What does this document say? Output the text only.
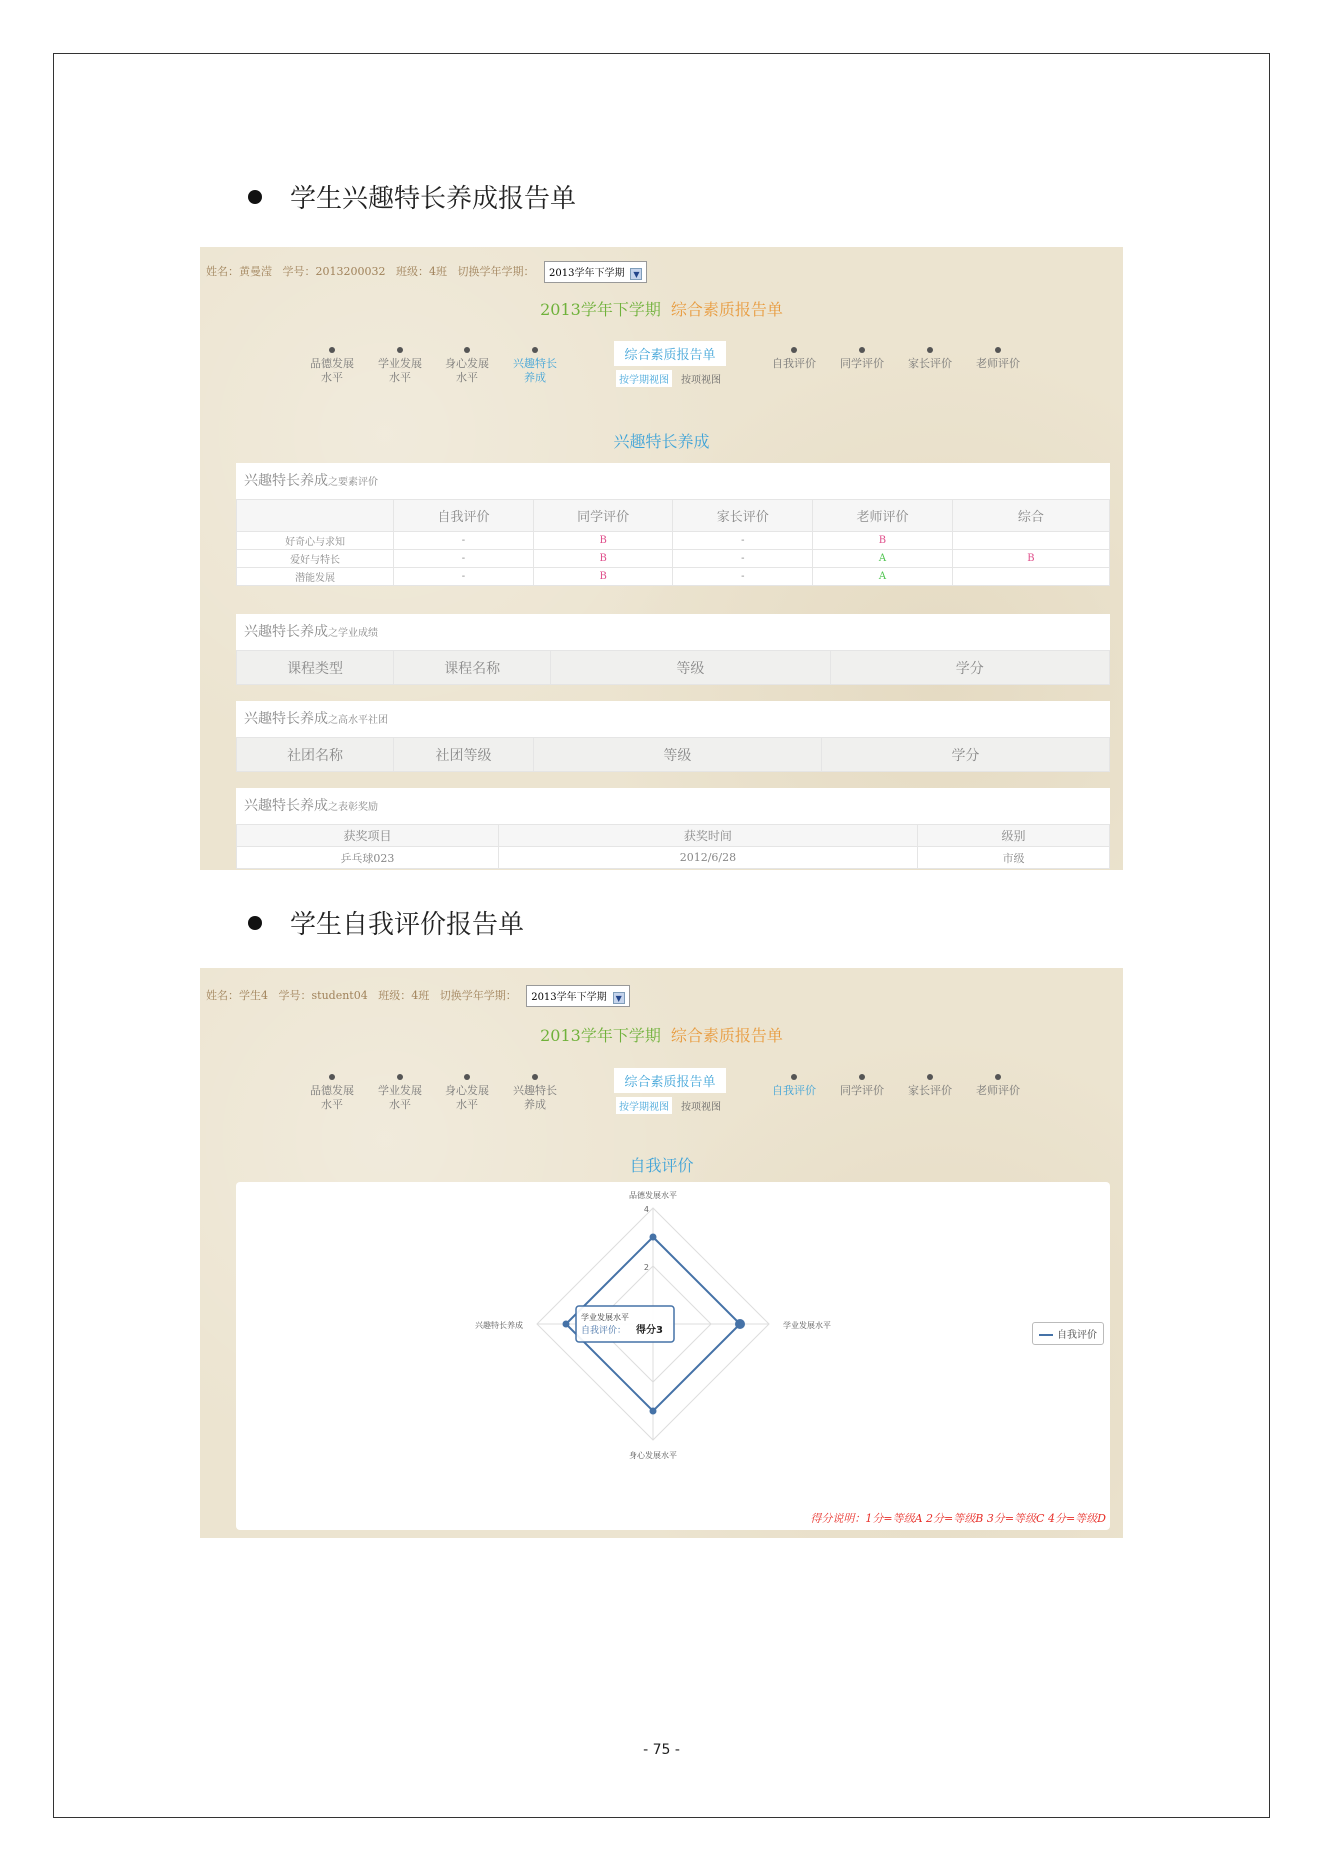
学生兴趣特长养成报告单
姓名：黄曼滢 学号：2013200032 班级：4班 切换学年学期： 2013学年下学期 ▼
2013学年下学期 综合素质报告单
品德发展
水平
学业发展
水平
身心发展
水平
兴趣特长
养成
综合素质报告单
按学期视图 按项视图
自我评价 同学评价 家长评价 老师评价
兴趣特长养成
兴趣特长养成之要素评价
	自我评价	同学评价	家长评价	老师评价	综合
好奇心与求知	-	B	-	B	
爱好与特长	-	B	-	A	B
潜能发展	-	B	-	A	
兴趣特长养成之学业成绩
课程类型	课程名称	等级	学分
兴趣特长养成之高水平社团
社团名称	社团等级	等级	学分
兴趣特长养成之表彰奖励
获奖项目	获奖时间	级别
乒乓球023	2012/6/28	市级
学生自我评价报告单
姓名：学生4 学号：student04 班级：4班 切换学年学期： 2013学年下学期 ▼
2013学年下学期 综合素质报告单
品德发展
水平
学业发展
水平
身心发展
水平
兴趣特长
养成
综合素质报告单
按学期视图 按项视图
自我评价 同学评价 家长评价 老师评价
自我评价
2
4
品德发展水平
学业发展水平
身心发展水平
兴趣特长养成
学业发展水平
自我评价： 得分3	自我评价
得分说明：1分=等级A 2分=等级B 3分=等级C 4分=等级D
- 75 -
